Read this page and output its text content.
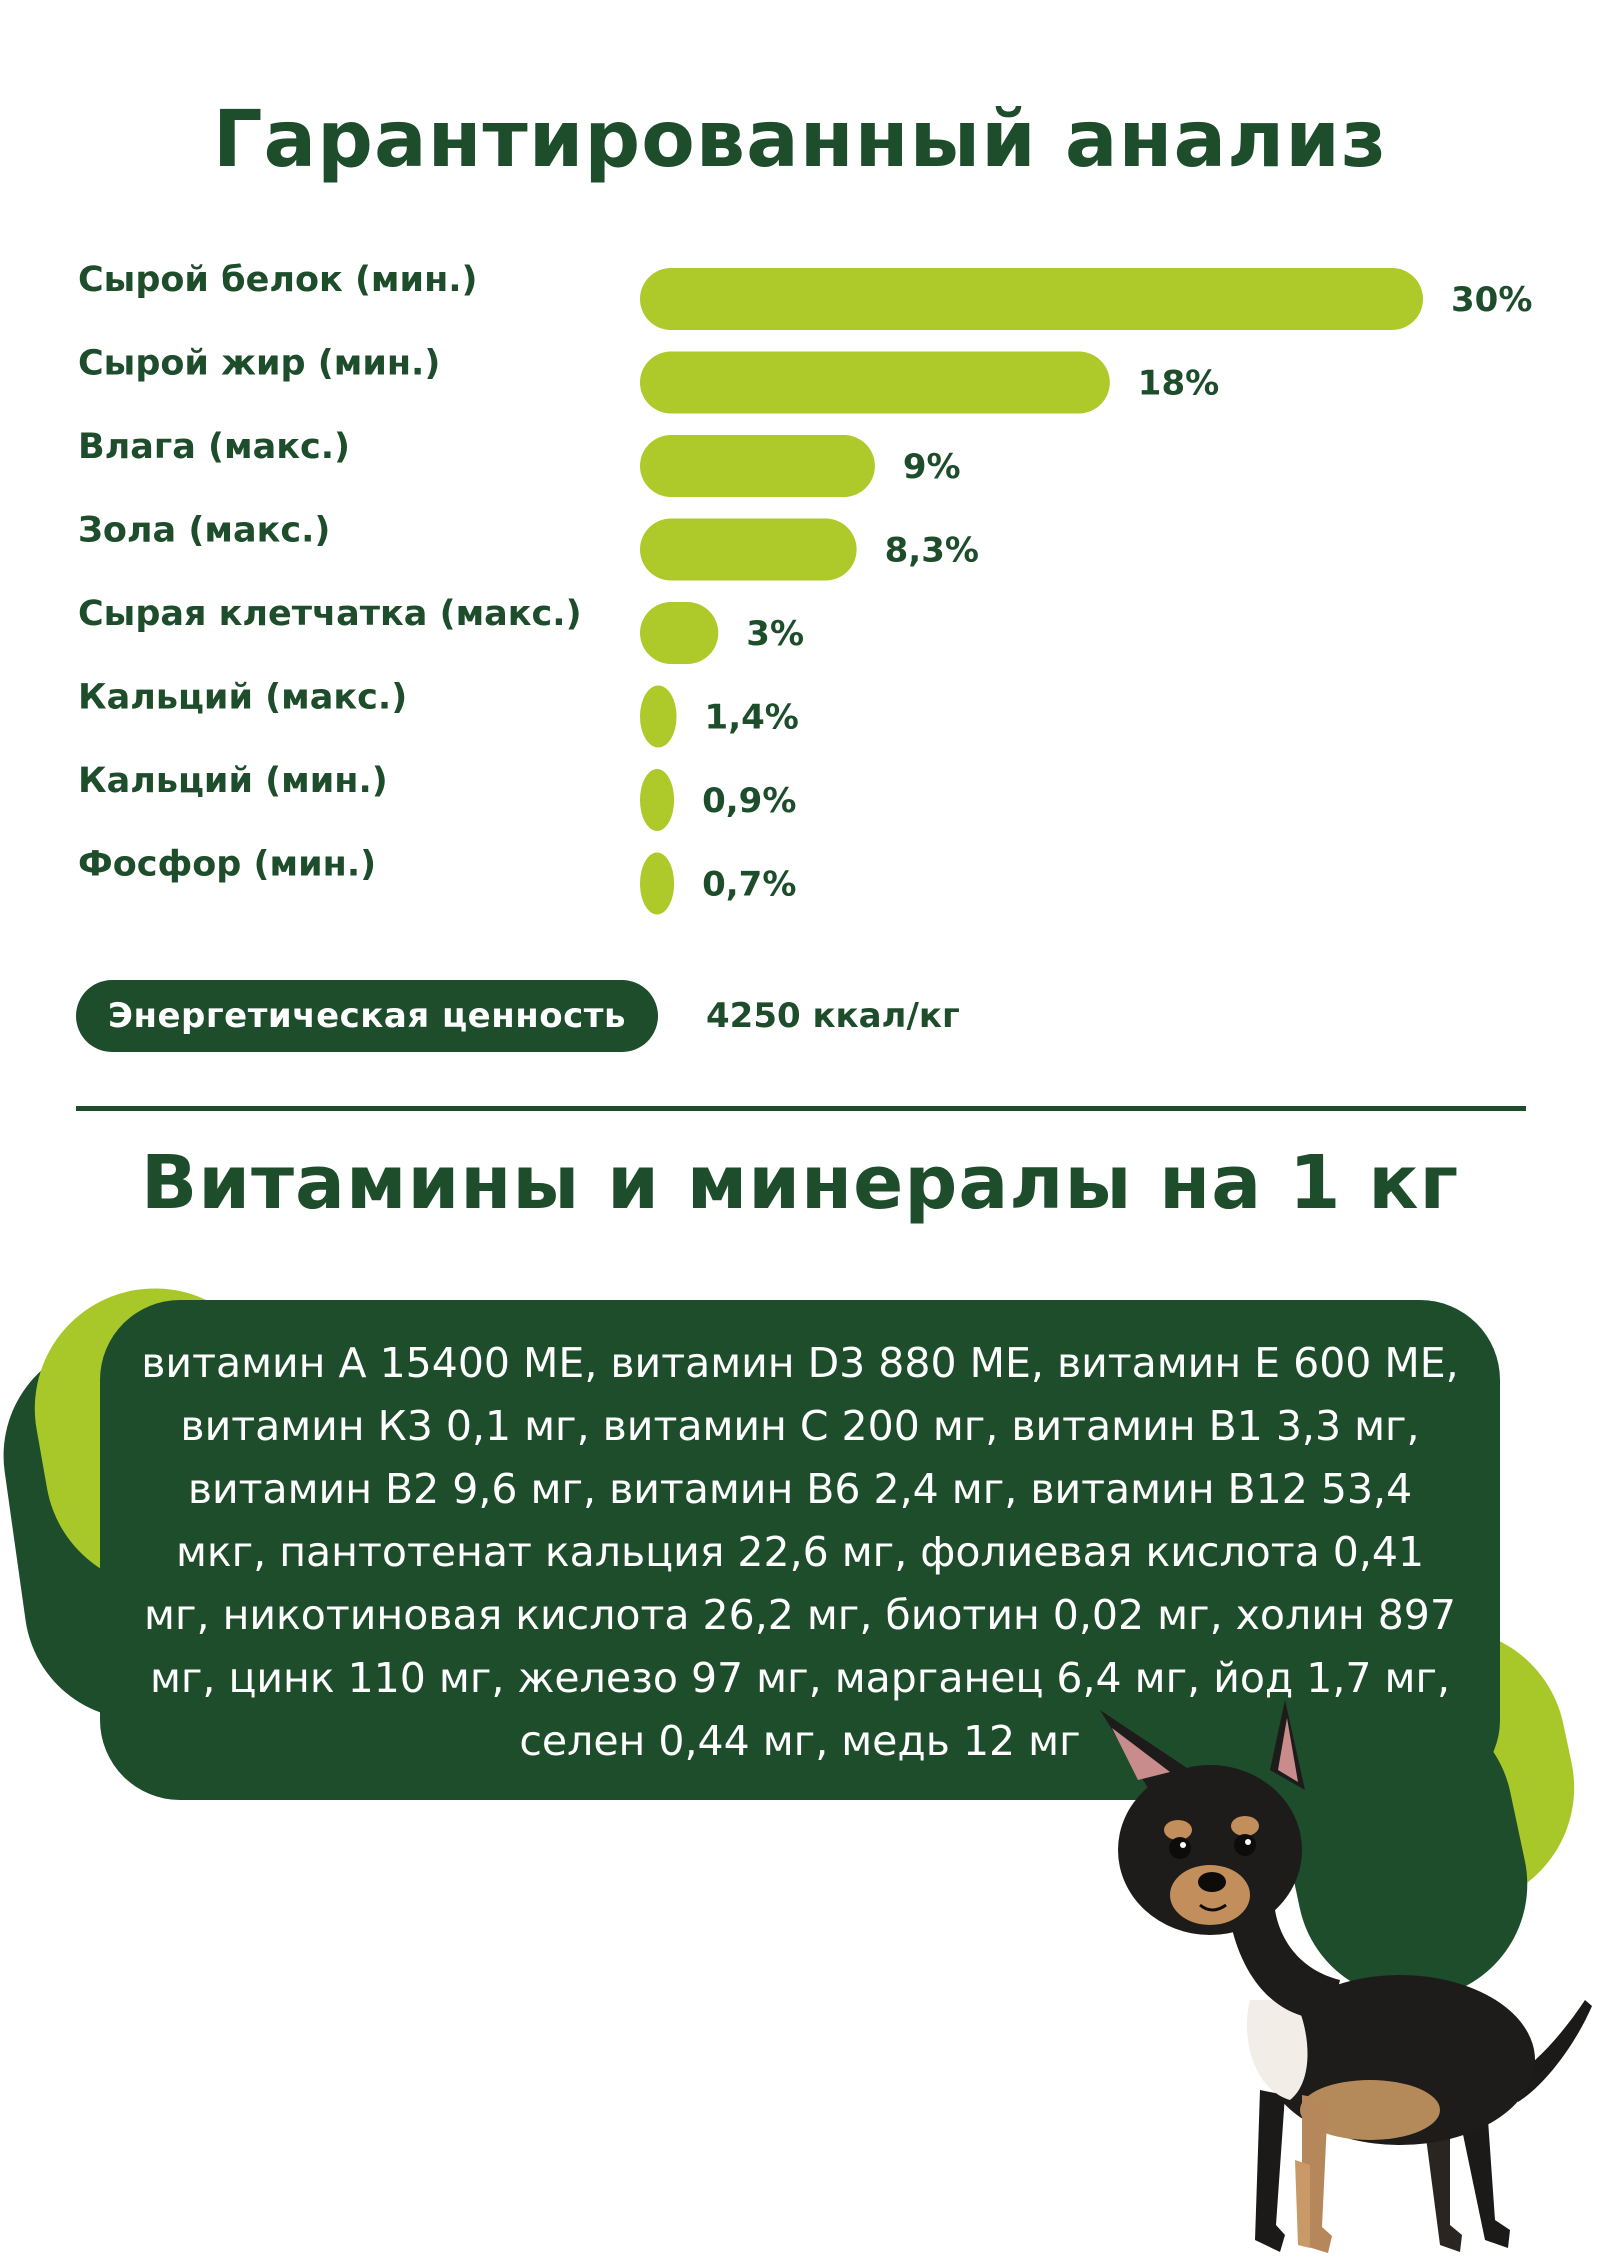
Гарантированный анализ
Сырой белок (мин.)	30%
Сырой жир (мин.)	18%
Влага (макс.)	9%
Зола (макс.)	8,3%
Сырая клетчатка (макс.)	3%
Кальций (макс.)	1,4%
Кальций (мин.)	0,9%
Фосфор (мин.)	0,7%
Энергетическая ценность	4250 ккал/кг
Витамины и минералы на 1 кг

витамин А 15400 МЕ, витамин D3 880 МЕ, витамин Е 600 МЕ, витамин К3 0,1 мг, витамин С 200 мг, витамин В1 3,3 мг, витамин В2 9,6 мг, витамин В6 2,4 мг, витамин В12 53,4 мкг, пантотенат кальция 22,6 мг, фолиевая кислота 0,41 мг, никотиновая кислота 26,2 мг, биотин 0,02 мг, холин 897 мг, цинк 110 мг, железо 97 мг, марганец 6,4 мг, йод 1,7 мг, селен 0,44 мг, медь 12 мг
